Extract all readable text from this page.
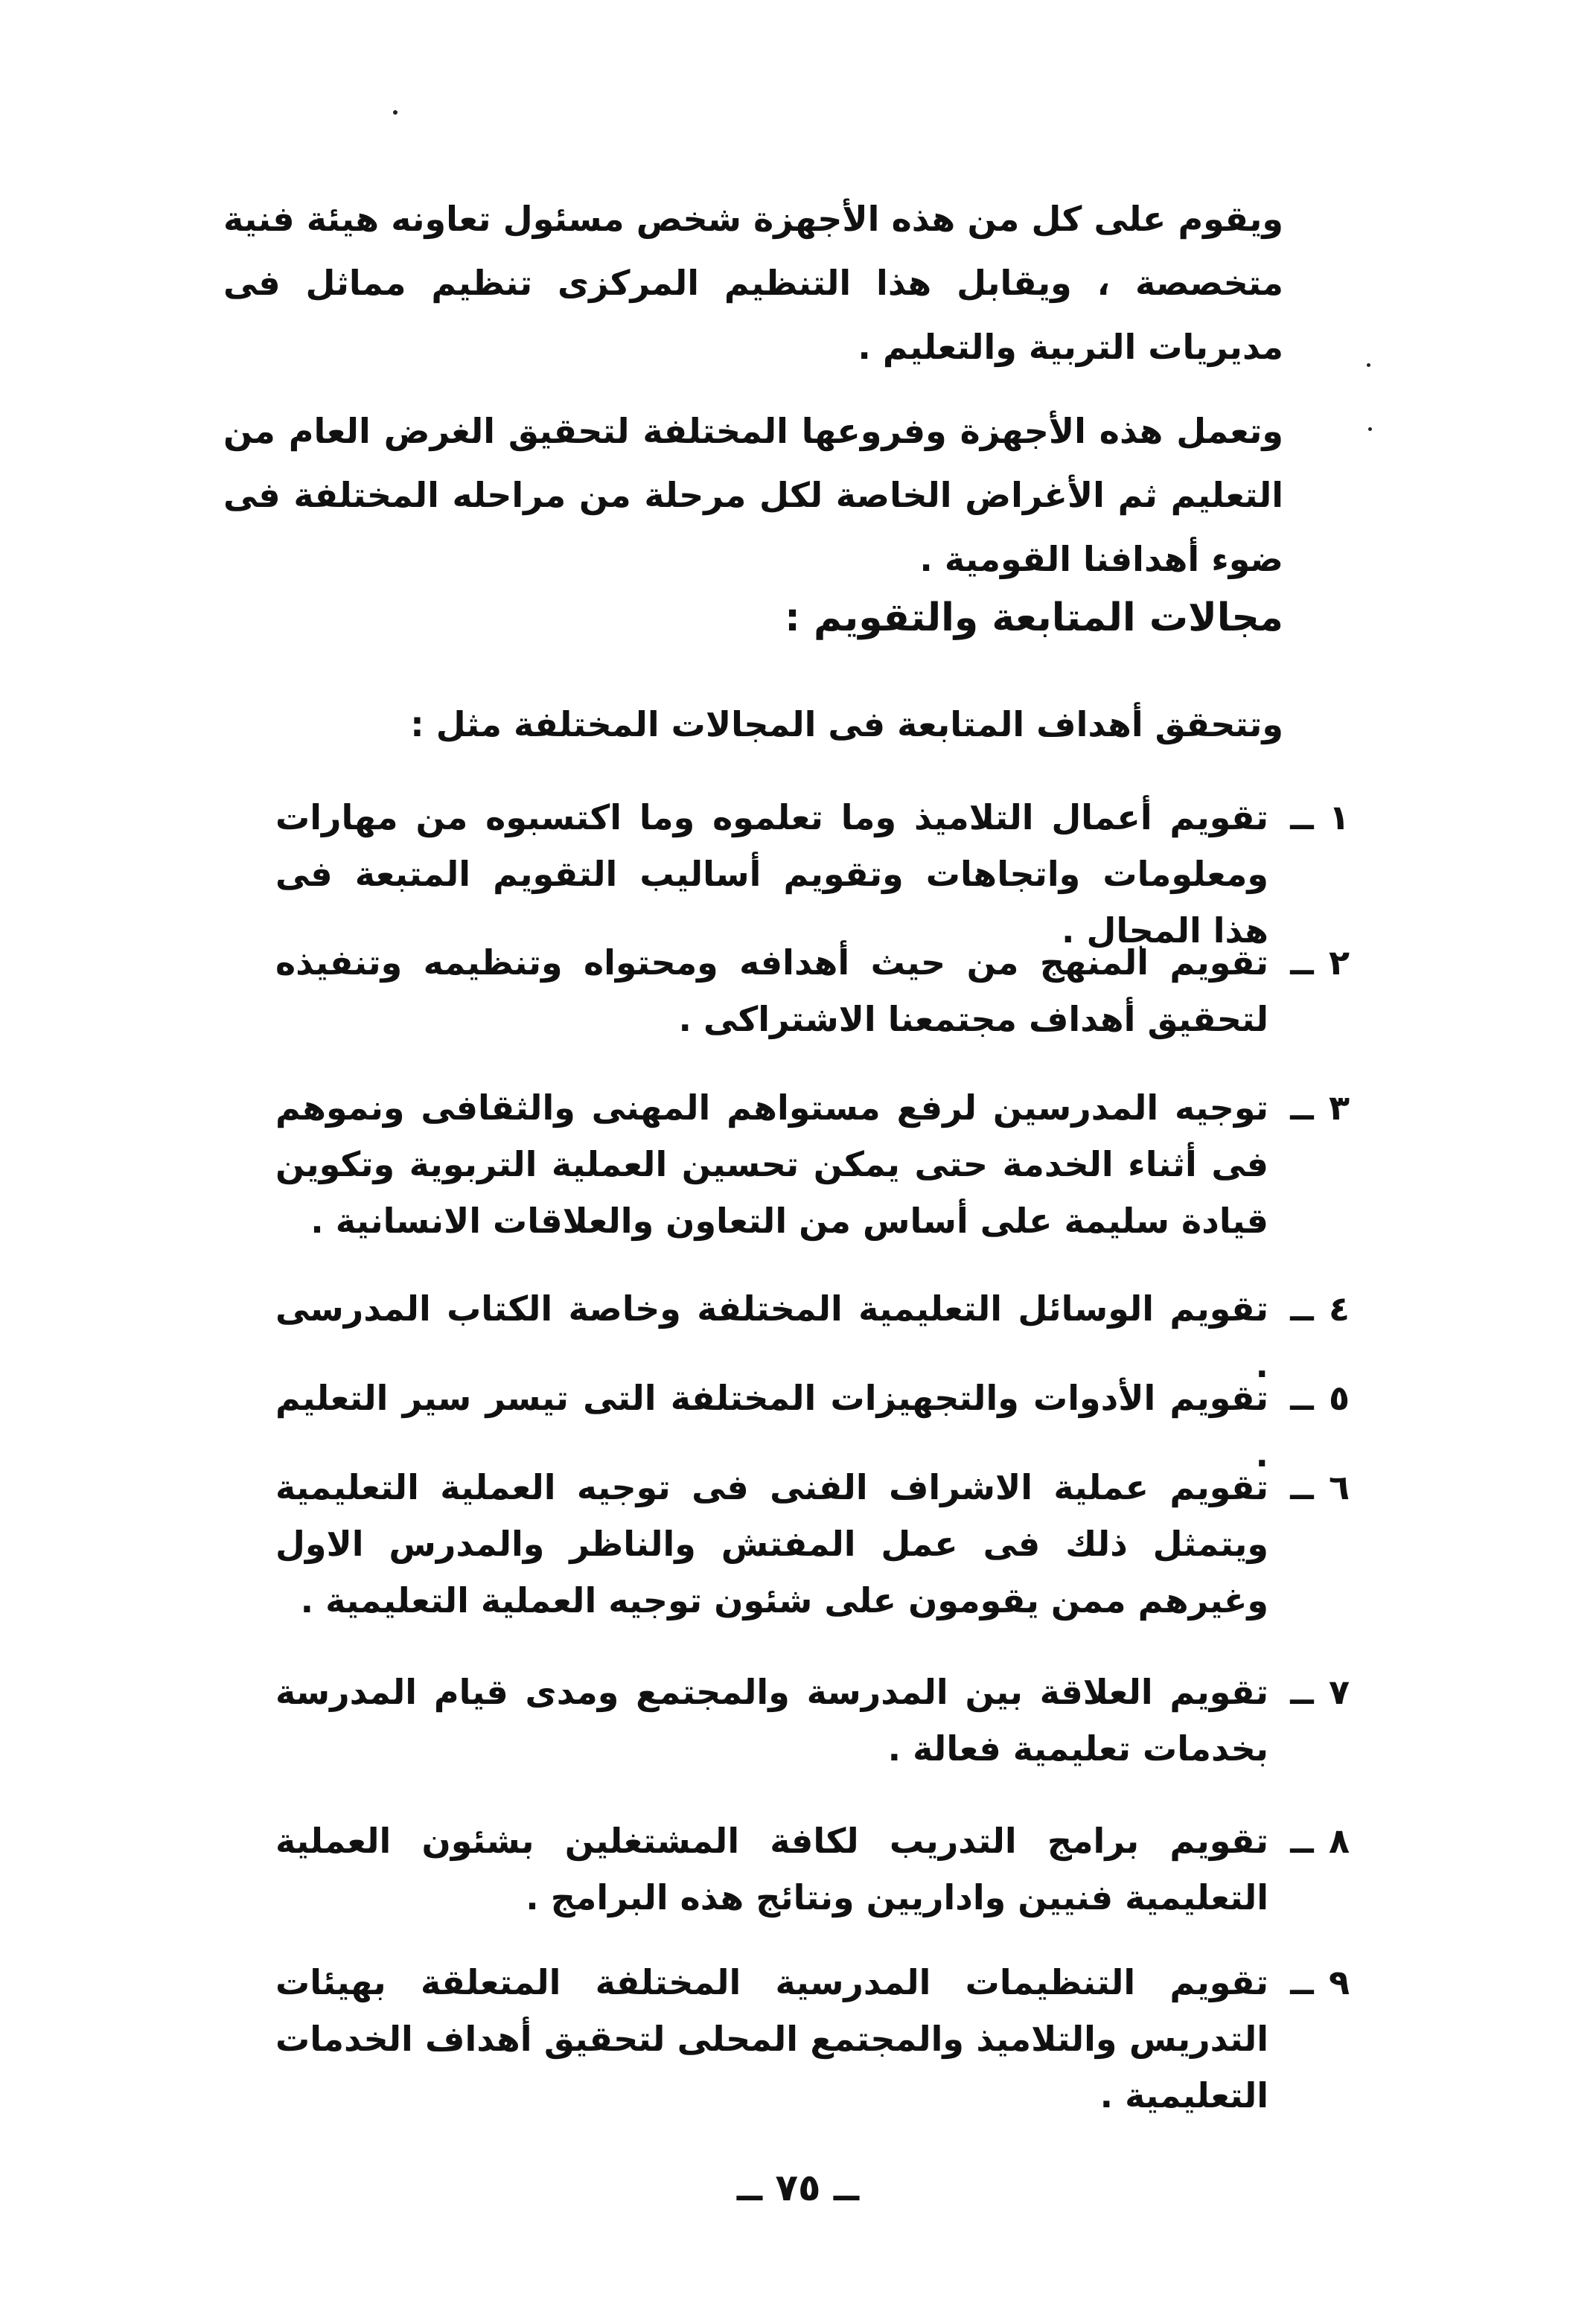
ويقوم على كل من هذه الأجهزة شخص مسئول تعاونه هيئة فنية متخصصة ، ويقابل هذا التنظيم المركزى تنظيم مماثل فى مديريات التربية والتعليم .

وتعمل هذه الأجهزة وفروعها المختلفة لتحقيق الغرض العام من التعليم ثم الأغراض الخاصة لكل مرحلة من مراحله المختلفة فى ضوء أهدافنا القومية .

مجالات المتابعة والتقويم :
وتتحقق أهداف المتابعة فى المجالات المختلفة مثل :
١
ــ
تقويم أعمال التلاميذ وما تعلموه وما اكتسبوه من مهارات ومعلومات واتجاهات وتقويم أساليب التقويم المتبعة فى هذا المجال .
٢
ــ
تقويم المنهج من حيث أهدافه ومحتواه وتنظيمه وتنفيذه لتحقيق أهداف مجتمعنا الاشتراكى .
٣
ــ
توجيه المدرسين لرفع مستواهم المهنى والثقافى ونموهم فى أثناء الخدمة حتى يمكن تحسين العملية التربوية وتكوين قيادة سليمة على أساس من التعاون والعلاقات الانسانية .
٤
ــ
تقويم الوسائل التعليمية المختلفة وخاصة الكتاب المدرسى .
٥
ــ
تقويم الأدوات والتجهيزات المختلفة التى تيسر سير التعليم .
٦
ــ
تقويم عملية الاشراف الفنى فى توجيه العملية التعليمية ويتمثل ذلك فى عمل المفتش والناظر والمدرس الاول وغيرهم ممن يقومون على شئون توجيه العملية التعليمية .
٧
ــ
تقويم العلاقة بين المدرسة والمجتمع ومدى قيام المدرسة بخدمات تعليمية فعالة .
٨
ــ
تقويم برامج التدريب لكافة المشتغلين بشئون العملية التعليمية فنيين واداريين ونتائج هذه البرامج .
٩
ــ
تقويم التنظيمات المدرسية المختلفة المتعلقة بهيئات التدريس والتلاميذ والمجتمع المحلى لتحقيق أهداف الخدمات التعليمية .
ــ ٧٥ ــ
